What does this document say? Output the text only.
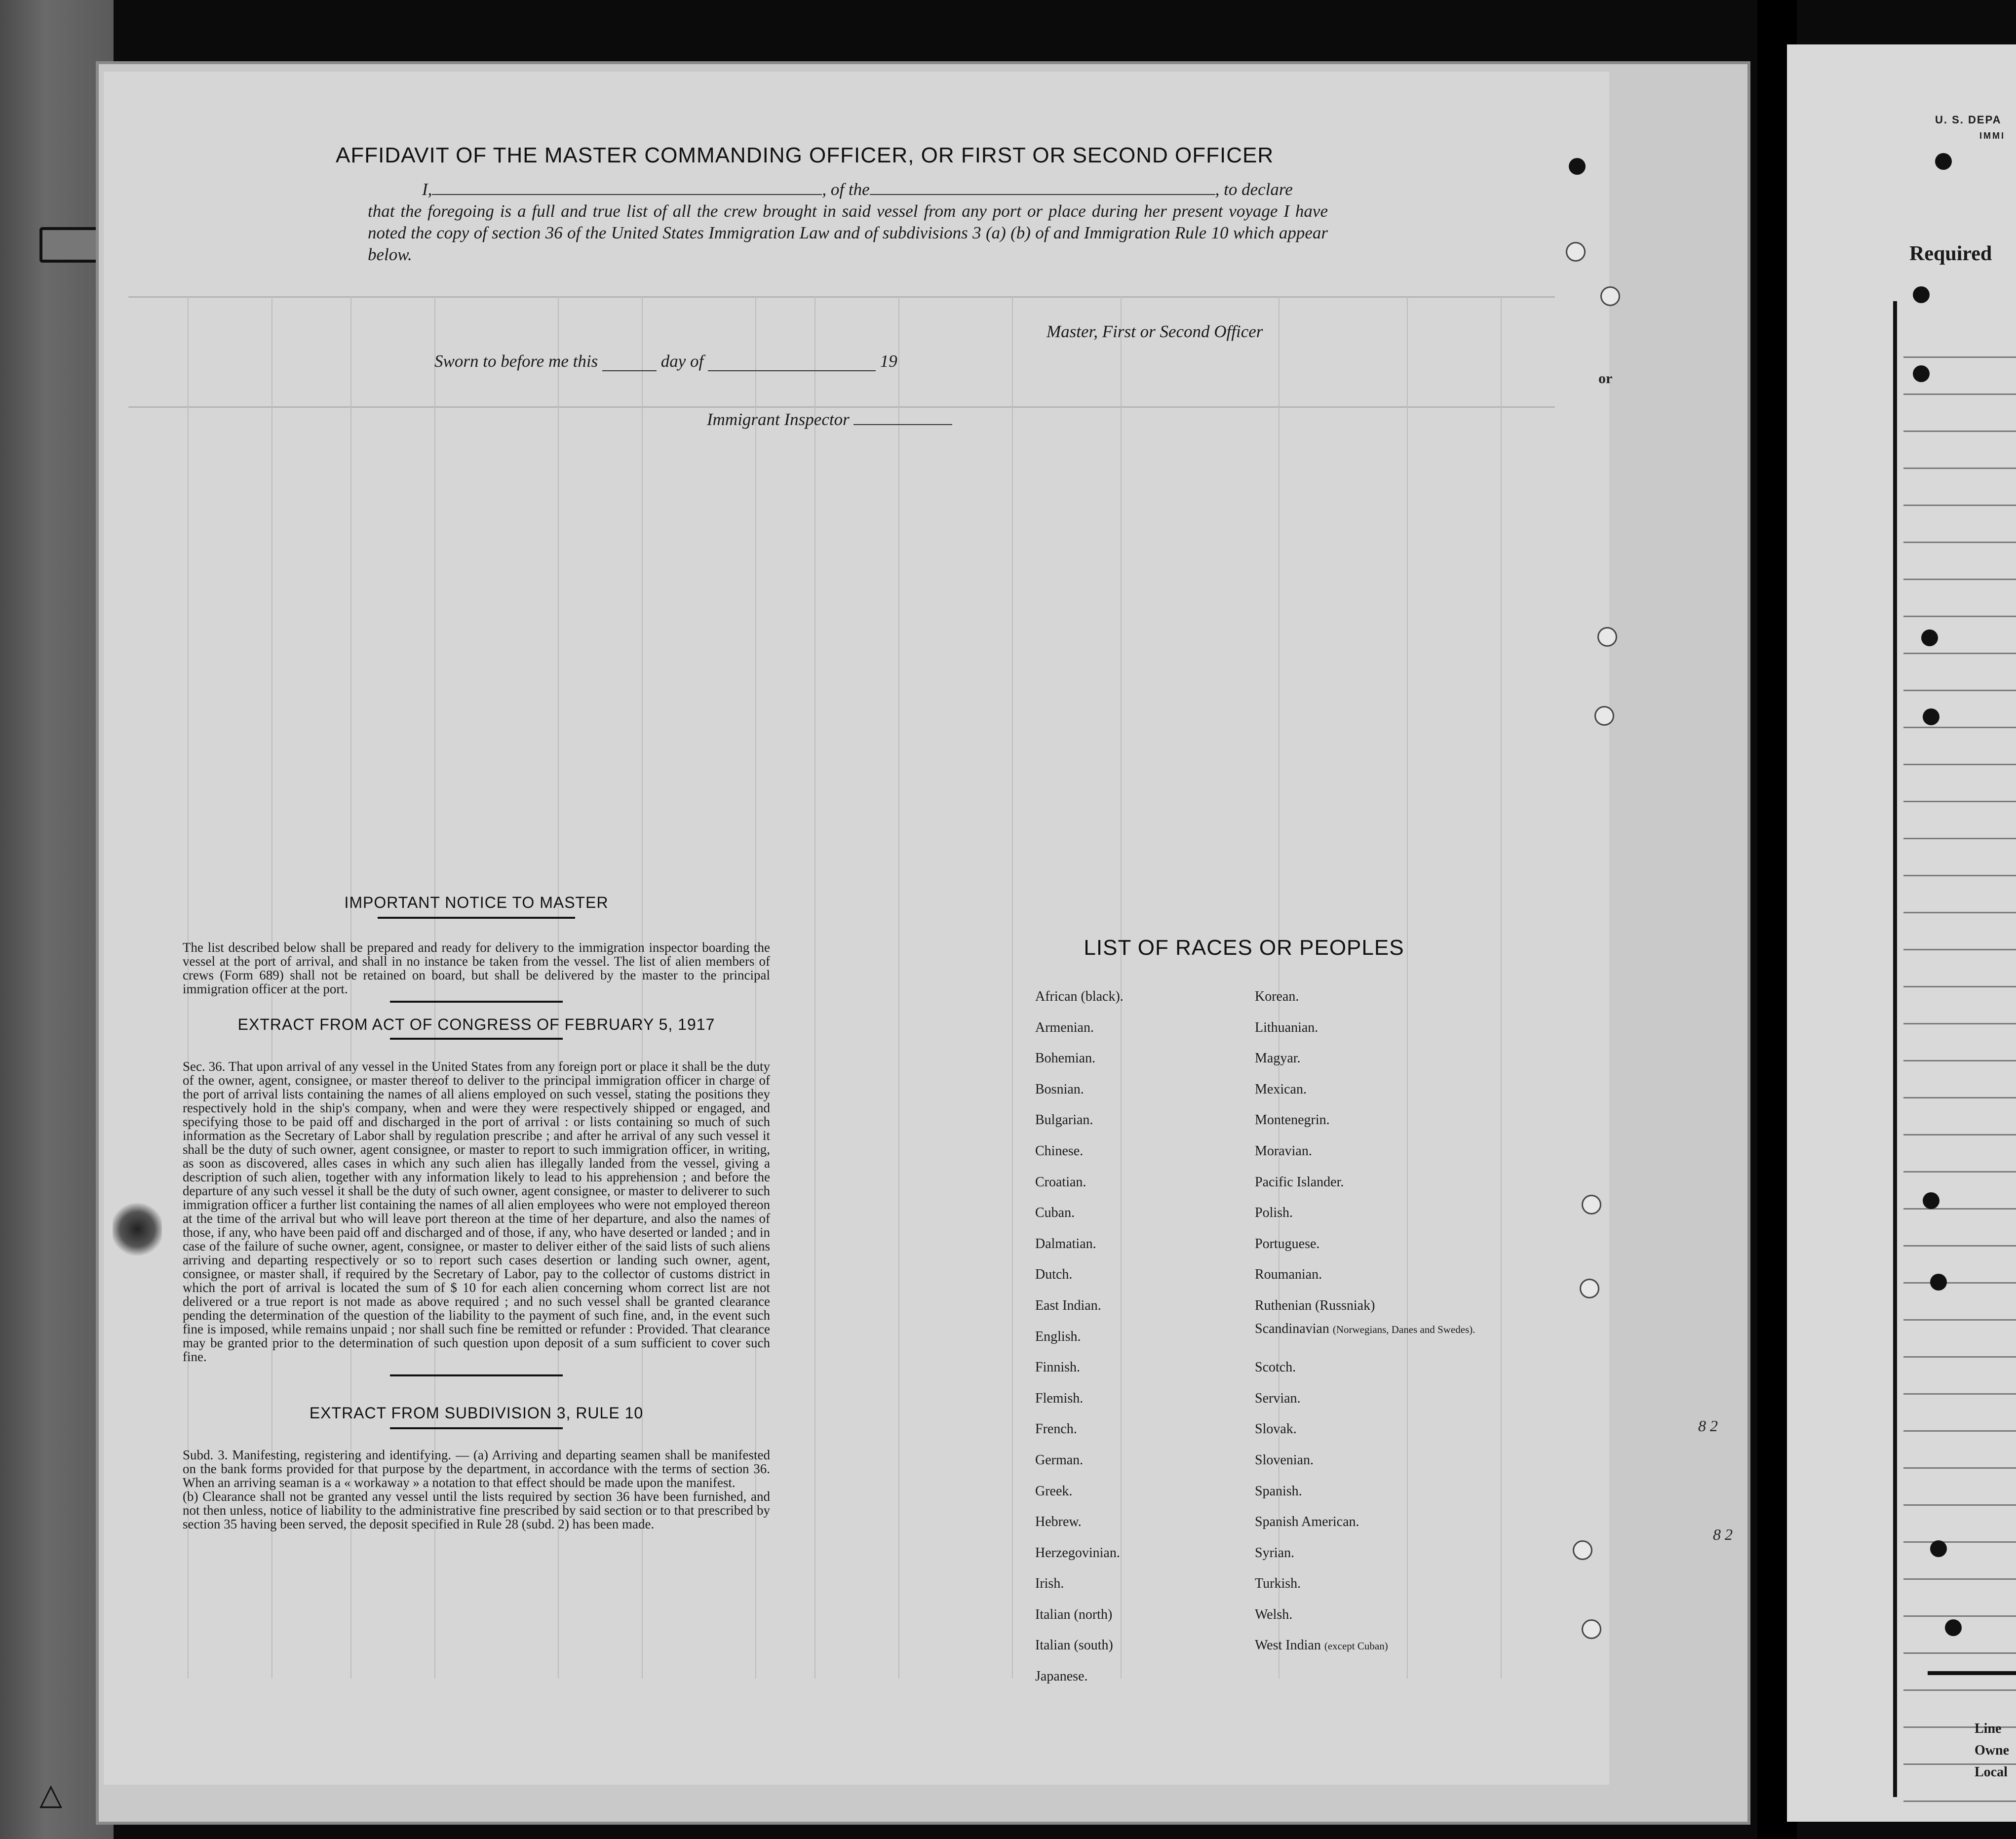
△
AFFIDAVIT OF THE MASTER COMMANDING OFFICER, OR FIRST OR SECOND OFFICER
I,	, of the	, to declare
that the foregoing is a full and true list of all the crew brought in said vessel from any port or place during her present voyage I have noted the copy of section 36 of the United States Immigration Law and of subdivisions 3 (a) (b) of and Immigration Rule 10 which appear below.
Master, First or Second Officer
Sworn to before me this	day of	19
Immigrant Inspector

IMPORTANT NOTICE TO MASTER

The list described below shall be prepared and ready for delivery to the immigration inspector boarding the vessel at the port of arrival, and shall in no instance be taken from the vessel. The list of alien members of crews (Form 689) shall not be retained on board, but shall be delivered by the master to the principal immigration officer at the port.

EXTRACT FROM ACT OF CONGRESS OF FEBRUARY 5, 1917

Sec. 36. That upon arrival of any vessel in the United States from any foreign port or place it shall be the duty of the owner, agent, consignee, or master thereof to deliver to the principal immigration officer in charge of the port of arrival lists containing the names of all aliens employed on such vessel, stating the positions they respectively hold in the ship's company, when and were they were respectively shipped or engaged, and specifying those to be paid off and discharged in the port of arrival : or lists containing so much of such information as the Secretary of Labor shall by regulation prescribe ; and after he arrival of any such vessel it shall be the duty of such owner, agent consignee, or master to report to such immigration officer, in writing, as soon as discovered, alles cases in which any such alien has illegally landed from the vessel, giving a description of such alien, together with any information likely to lead to his apprehension ; and before the departure of any such vessel it shall be the duty of such owner, agent consignee, or master to deliverer to such immigration officer a further list containing the names of all alien employees who were not employed thereon at the time of the arrival but who will leave port thereon at the time of her departure, and also the names of those, if any, who have been paid off and discharged and of those, if any, who have deserted or landed ; and in case of the failure of suche owner, agent, consignee, or master to deliver either of the said lists of such aliens arriving and departing respectively or so to report such cases desertion or landing such owner, agent, consignee, or master shall, if required by the Secretary of Labor, pay to the collector of customs district in which the port of arrival is located the sum of $ 10 for each alien concerning whom correct list are not delivered or a true report is not made as above required ; and no such vessel shall be granted clearance pending the determination of the question of the liability to the payment of such fine, and, in the event such fine is imposed, while remains unpaid ; nor shall such fine be remitted or refunder : Provided. That clearance may be granted prior to the determination of such question upon deposit of a sum sufficient to cover such fine.

EXTRACT FROM SUBDIVISION 3, RULE 10

Subd. 3. Manifesting, registering and identifying. — (a) Arriving and departing seamen shall be manifested on the bank forms provided for that purpose by the department, in accordance with the terms of section 36. When an arriving seaman is a « workaway » a notation to that effect should be made upon the manifest.

(b) Clearance shall not be granted any vessel until the lists required by section 36 have been furnished, and not then unless, notice of liability to the administrative fine prescribed by said section or to that prescribed by section 35 having been served, the deposit specified in Rule 28 (subd. 2) has been made.

LIST OF RACES OR PEOPLES
African (black).
Armenian.
Bohemian.
Bosnian.
Bulgarian.
Chinese.
Croatian.
Cuban.
Dalmatian.
Dutch.
East Indian.
English.
Finnish.
Flemish.
French.
German.
Greek.
Hebrew.
Herzegovinian.
Irish.
Italian (north)
Italian (south)
Japanese.
Korean.
Lithuanian.
Magyar.
Mexican.
Montenegrin.
Moravian.
Pacific Islander.
Polish.
Portuguese.
Roumanian.
Ruthenian (Russniak)
Scandinavian (Norwegians, Danes and Swedes).
Scotch.
Servian.
Slovak.
Slovenian.
Spanish.
Spanish American.
Syrian.
Turkish.
Welsh.
West Indian (except Cuban)
or
8 2
8 2
U. S. DEPA
IMMI
Required
Line
Owne
Local
